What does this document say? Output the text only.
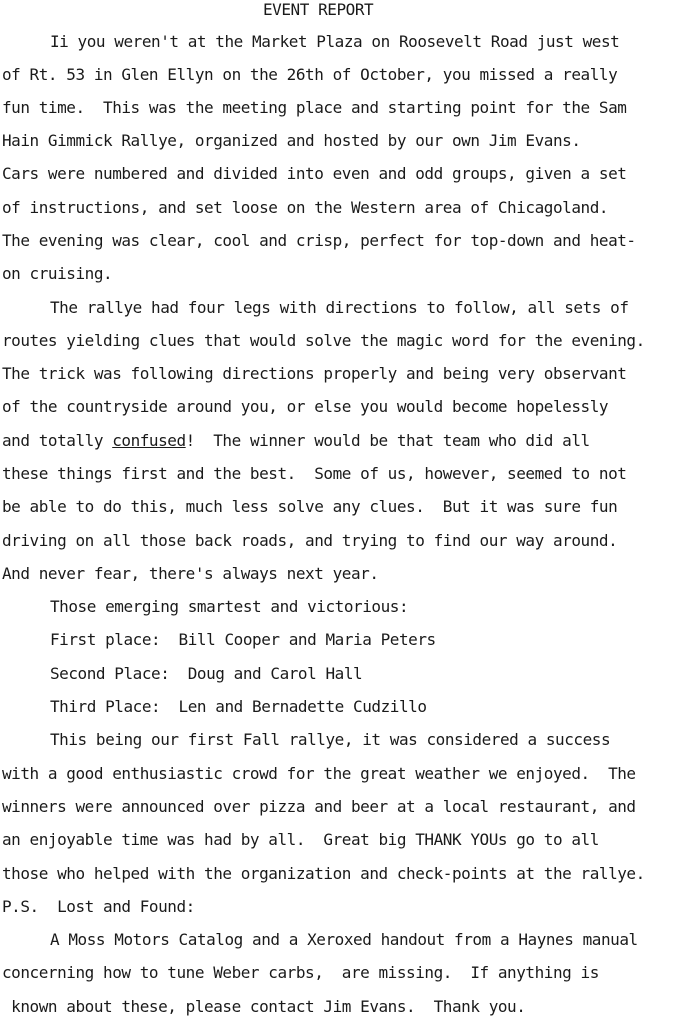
EVENT REPORT
Ii you weren't at the Market Plaza on Roosevelt Road just west
of Rt. 53 in Glen Ellyn on the 26th of October, you missed a really
fun time.  This was the meeting place and starting point for the Sam
Hain Gimmick Rallye, organized and hosted by our own Jim Evans.
Cars were numbered and divided into even and odd groups, given a set
of instructions, and set loose on the Western area of Chicagoland.
The evening was clear, cool and crisp, perfect for top-down and heat-
on cruising.
The rallye had four legs with directions to follow, all sets of
routes yielding clues that would solve the magic word for the evening.
The trick was following directions properly and being very observant
of the countryside around you, or else you would become hopelessly
and totally confused!  The winner would be that team who did all
these things first and the best.  Some of us, however, seemed to not
be able to do this, much less solve any clues.  But it was sure fun
driving on all those back roads, and trying to find our way around.
And never fear, there's always next year.
Those emerging smartest and victorious:
First place:  Bill Cooper and Maria Peters
Second Place:  Doug and Carol Hall
Third Place:  Len and Bernadette Cudzillo
This being our first Fall rallye, it was considered a success
with a good enthusiastic crowd for the great weather we enjoyed.  The
winners were announced over pizza and beer at a local restaurant, and
an enjoyable time was had by all.  Great big THANK YOUs go to all
those who helped with the organization and check-points at the rallye.
P.S.  Lost and Found:
A Moss Motors Catalog and a Xeroxed handout from a Haynes manual
concerning how to tune Weber carbs,  are missing.  If anything is
known about these, please contact Jim Evans.  Thank you.
